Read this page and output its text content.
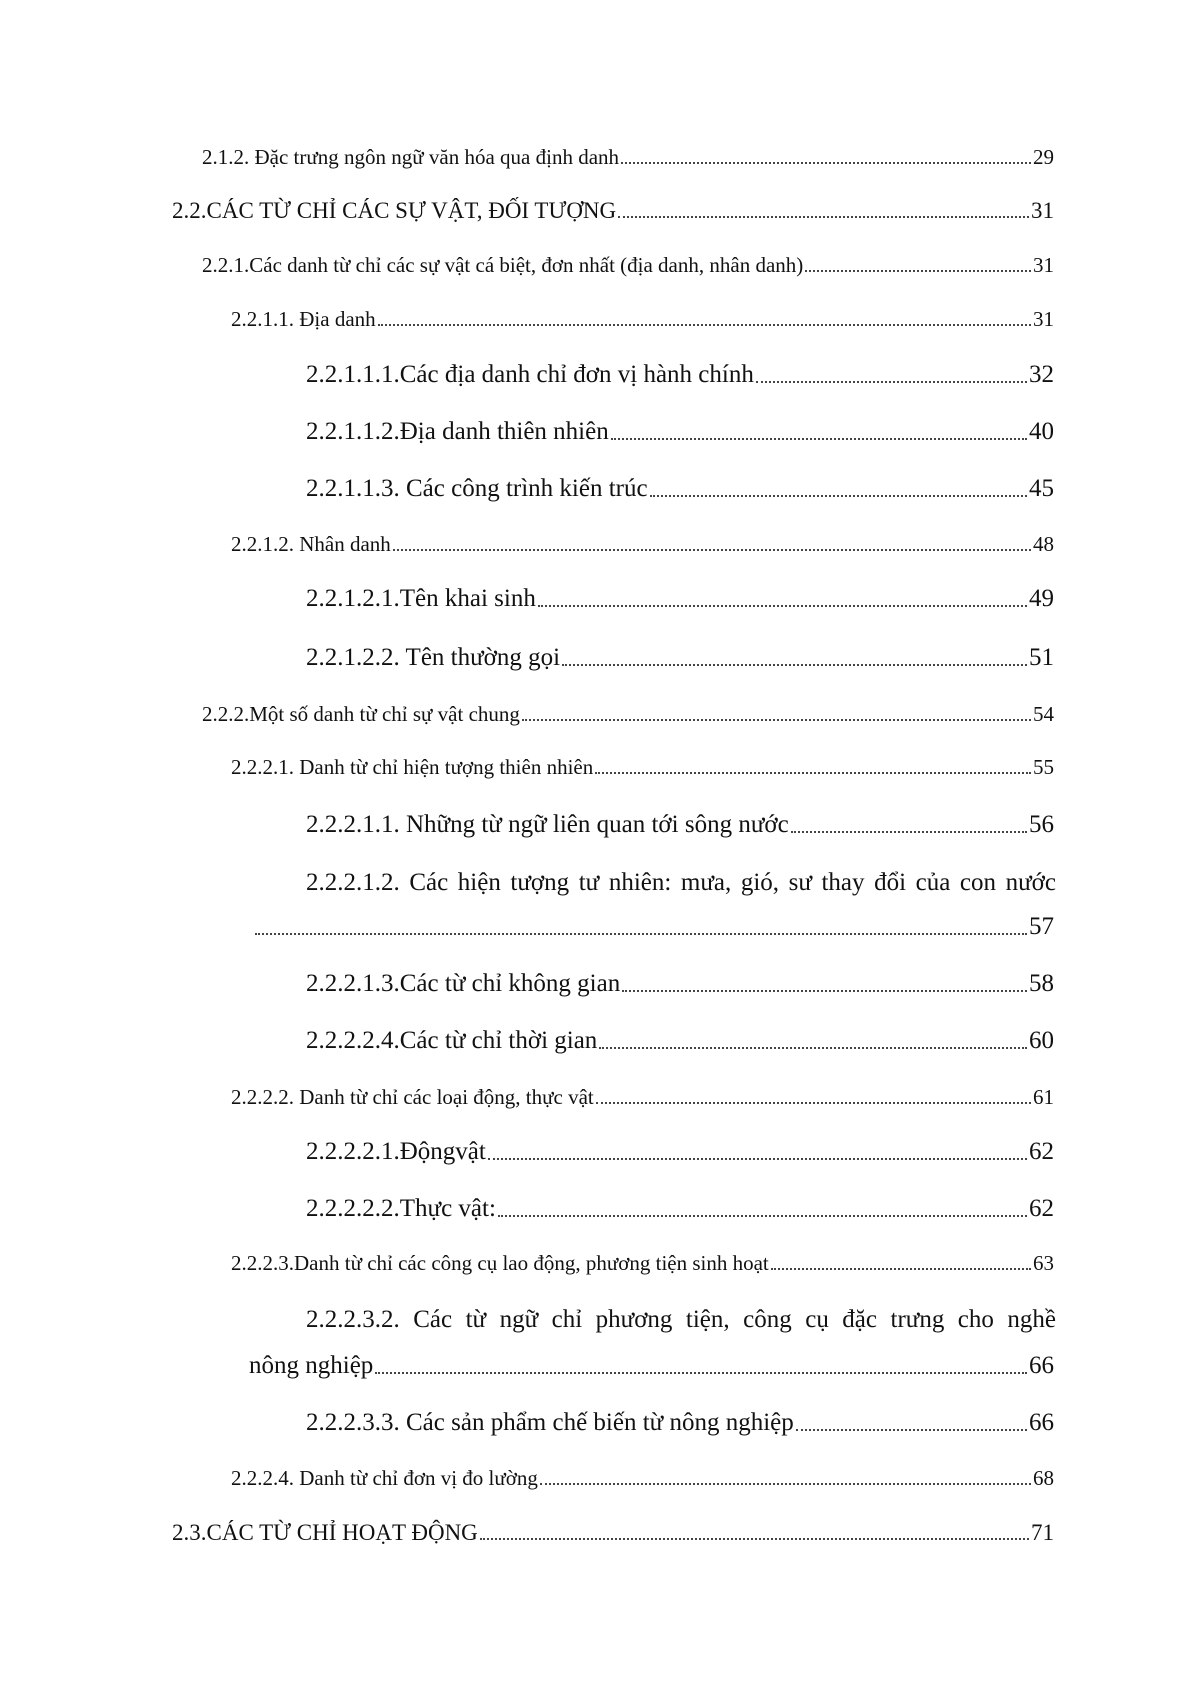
2.1.2. Đặc trưng ngôn ngữ văn hóa qua định danh	29
2.2.CÁC TỪ CHỈ CÁC SỰ VẬT, ĐỐI TƯỢNG	31
2.2.1.Các danh từ chỉ các sự vật cá biệt, đơn nhất (địa danh, nhân danh)	31
2.2.1.1. Địa danh	31
2.2.1.1.1.Các địa danh chỉ đơn vị hành chính	32
2.2.1.1.2.Địa danh thiên nhiên	40
2.2.1.1.3. Các công trình kiến trúc	45
2.2.1.2. Nhân danh	48
2.2.1.2.1.Tên khai sinh	49
2.2.1.2.2. Tên thường gọi	51
2.2.2.Một số danh từ chỉ sự vật chung	54
2.2.2.1. Danh từ chỉ hiện tượng thiên nhiên	55
2.2.2.1.1. Những từ ngữ liên quan tới sông nước	56
2.2.2.1.2. Các hiện tượng tư nhiên: mưa, gió, sư thay đổi của con nước
57
2.2.2.1.3.Các từ chỉ không gian	58
2.2.2.2.4.Các từ chỉ thời gian	60
2.2.2.2. Danh từ chỉ các loại động, thực vật	61
2.2.2.2.1.Độngvật	62
2.2.2.2.2.Thực vật:	62
2.2.2.3.Danh từ chỉ các công cụ lao động, phương tiện sinh hoạt	63
2.2.2.3.2. Các từ ngữ chỉ phương tiện, công cụ đặc trưng cho nghề
nông nghiệp	66
2.2.2.3.3. Các sản phẩm chế biến từ nông nghiệp	66
2.2.2.4. Danh từ chỉ đơn vị đo lường	68
2.3.CÁC TỪ CHỈ HOẠT ĐỘNG	71
